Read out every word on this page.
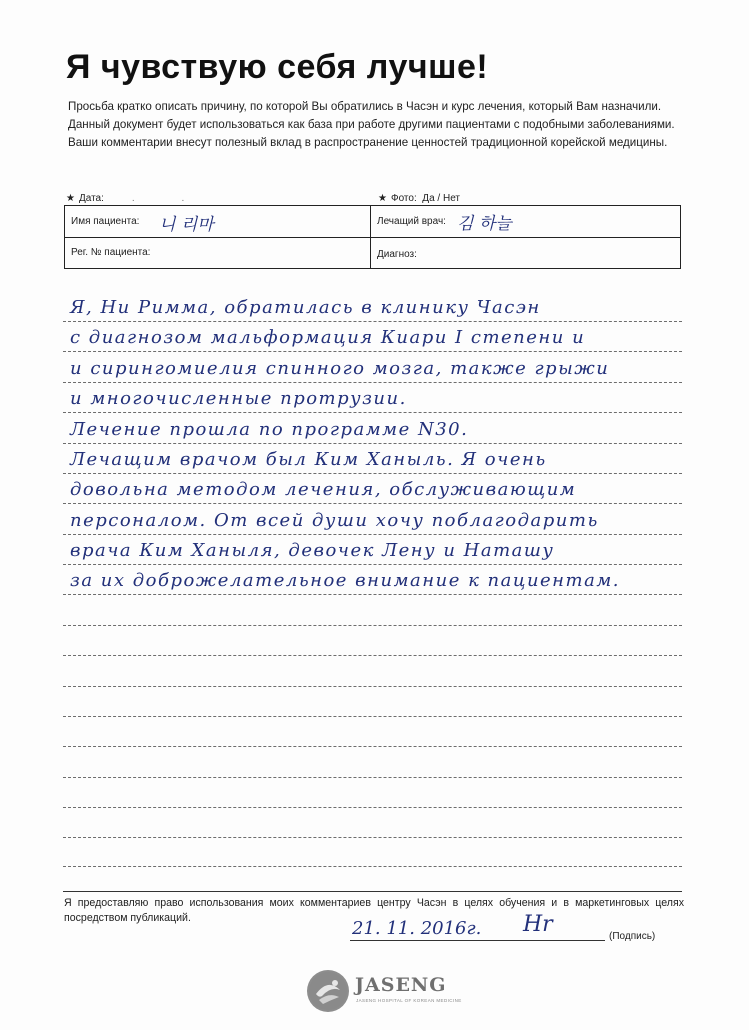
Я чувствую себя лучше!
Просьба кратко описать причину, по которой Вы обратились в Часэн и курс лечения, который Вам назначили.
Данный документ будет использоваться как база при работе другими пациентами с подобными заболеваниями.
Ваши комментарии внесут полезный вклад в распространение ценностей традиционной корейской медицины.
★ Дата:	. .	★ Фото: Да / Нет
Имя пациента: 니 리마	Лечащий врач: 김 하늘
Рег. № пациента:	Диагноз:
Я, Ни Римма, обратилась в клинику Часэн
с диагнозом мальформация Киари I степени и
и сирингомиелия спинного мозга, также грыжи
и многочисленные протрузии.
Лечение прошла по программе N30.
Лечащим врачом был Ким Ханыль. Я очень
довольна методом лечения, обслуживающим
персоналом. От всей души хочу поблагодарить
врача Ким Ханыля, девочек Лену и Наташу
за их доброжелательное внимание к пациентам.
Я предоставляю право использования моих комментариев центру Часэн в целях обучения и в маркетинговых целях посредством публикаций.	21. 11. 2016г. Hr	(Подпись)
JASENG
JASENG HOSPITAL OF KOREAN MEDICINE
